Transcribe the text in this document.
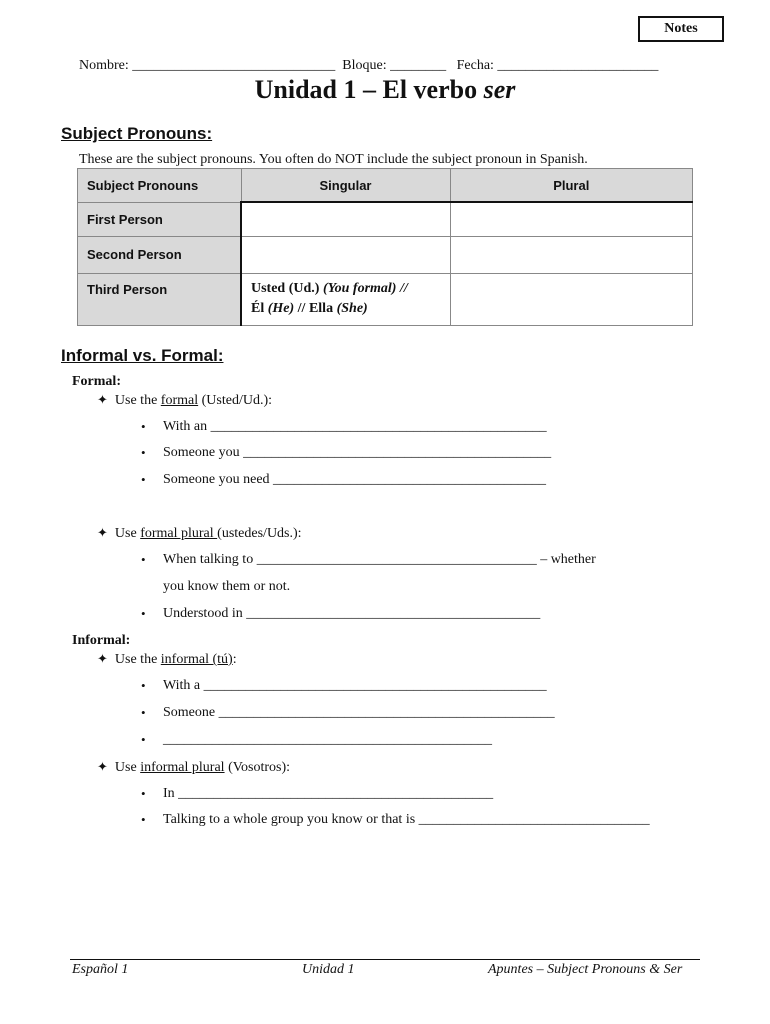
Notes
Nombre: _____________________________ Bloque: ________ Fecha: _______________________
Unidad 1 – El verbo ser
Subject Pronouns:
These are the subject pronouns. You often do NOT include the subject pronoun in Spanish.
Subject Pronouns	Singular	Plural
First Person		
Second Person		
Third Person	Usted (Ud.) (You formal) //
Él (He) // Ella (She)	
Informal vs. Formal:
Formal:
✦ Use the formal (Usted/Ud.):
• With an ________________________________________________
• Someone you ____________________________________________
• Someone you need _______________________________________
✦ Use formal plural (ustedes/Uds.):
• When talking to ________________________________________ – whether
you know them or not.
• Understood in __________________________________________
Informal:
✦ Use the informal (tú):
• With a _________________________________________________
• Someone ________________________________________________
• _______________________________________________
✦ Use informal plural (Vosotros):
• In _____________________________________________
• Talking to a whole group you know or that is _________________________________
Español 1	Unidad 1	Apuntes – Subject Pronouns & Ser
